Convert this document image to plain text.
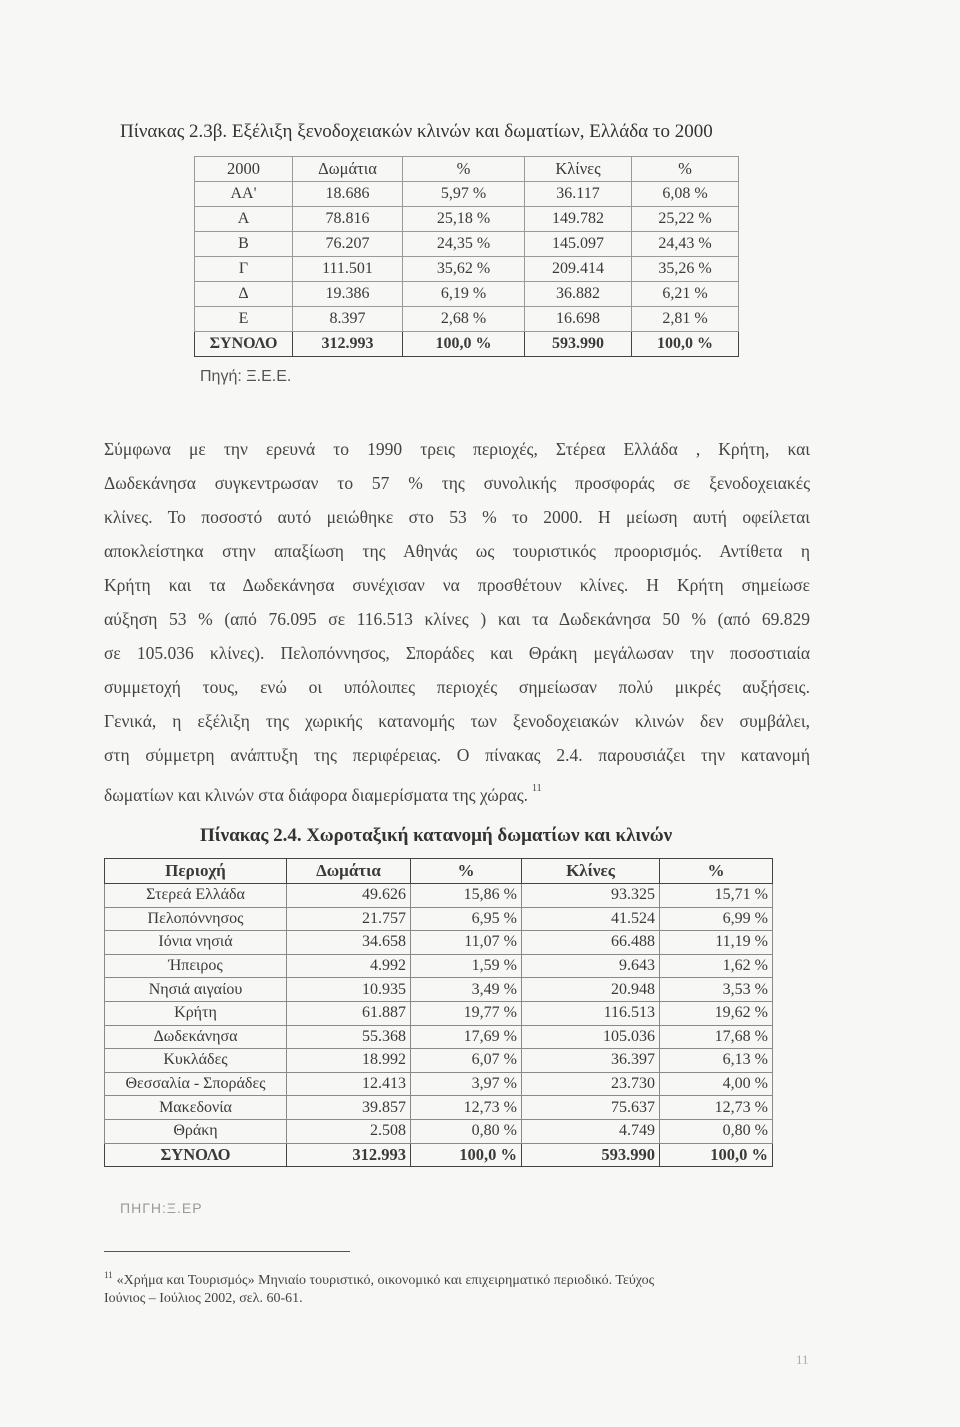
Πίνακας 2.3β. Εξέλιξη ξενοδοχειακών κλινών και δωματίων, Ελλάδα το 2000
2000	Δωμάτια	%	Κλίνες	%
ΑΑ'	18.686	5,97 %	36.117	6,08 %
Α	78.816	25,18 %	149.782	25,22 %
Β	76.207	24,35 %	145.097	24,43 %
Γ	111.501	35,62 %	209.414	35,26 %
Δ	19.386	6,19 %	36.882	6,21 %
Ε	8.397	2,68 %	16.698	2,81 %
ΣΥΝΟΛΟ	312.993	100,0 %	593.990	100,0 %
Πηγή: Ξ.Ε.Ε.

Σύμφωνα με την ερευνά το 1990 τρεις περιοχές, Στέρεα Ελλάδα , Κρήτη, και

Δωδεκάνησα συγκεντρωσαν το 57 % της συνολικής προσφοράς σε ξενοδοχειακές

κλίνες. Το ποσοστό αυτό μειώθηκε στο 53 % το 2000. Η μείωση αυτή οφείλεται

αποκλείστηκα στην απαξίωση της Αθηνάς ως τουριστικός προορισμός. Αντίθετα η

Κρήτη και τα Δωδεκάνησα συνέχισαν να προσθέτουν κλίνες. Η Κρήτη σημείωσε

αύξηση 53 % (από 76.095 σε 116.513 κλίνες ) και τα Δωδεκάνησα 50 % (από 69.829

σε 105.036 κλίνες). Πελοπόννησος, Σποράδες και Θράκη μεγάλωσαν την ποσοστιαία

συμμετοχή τους, ενώ οι υπόλοιπες περιοχές σημείωσαν πολύ μικρές αυξήσεις.

Γενικά, η εξέλιξη της χωρικής κατανομής των ξενοδοχειακών κλινών δεν συμβάλει,

στη σύμμετρη ανάπτυξη της περιφέρειας. Ο πίνακας 2.4. παρουσιάζει την κατανομή

δωματίων και κλινών στα διάφορα διαμερίσματα της χώρας. $^{11}$

Πίνακας 2.4. Χωροταξική κατανομή δωματίων και κλινών
Περιοχή	Δωμάτια	%	Κλίνες	%
Στερεά Ελλάδα	49.626	15,86 %	93.325	15,71 %
Πελοπόννησος	21.757	6,95 %	41.524	6,99 %
Ιόνια νησιά	34.658	11,07 %	66.488	11,19 %
Ήπειρος	4.992	1,59 %	9.643	1,62 %
Νησιά αιγαίου	10.935	3,49 %	20.948	3,53 %
Κρήτη	61.887	19,77 %	116.513	19,62 %
Δωδεκάνησα	55.368	17,69 %	105.036	17,68 %
Κυκλάδες	18.992	6,07 %	36.397	6,13 %
Θεσσαλία - Σποράδες	12.413	3,97 %	23.730	4,00 %
Μακεδονία	39.857	12,73 %	75.637	12,73 %
Θράκη	2.508	0,80 %	4.749	0,80 %
ΣΥΝΟΛΟ	312.993	100,0 %	593.990	100,0 %
ΠΗΓΗ:Ξ.ΕΡ
$^{11}$ «Χρήμα και Τουρισμός» Μηνιαίο τουριστικό, οικονομικό και επιχειρηματικό περιοδικό. Τεύχος
Ιούνιος – Ιούλιος 2002, σελ. 60-61.
11
